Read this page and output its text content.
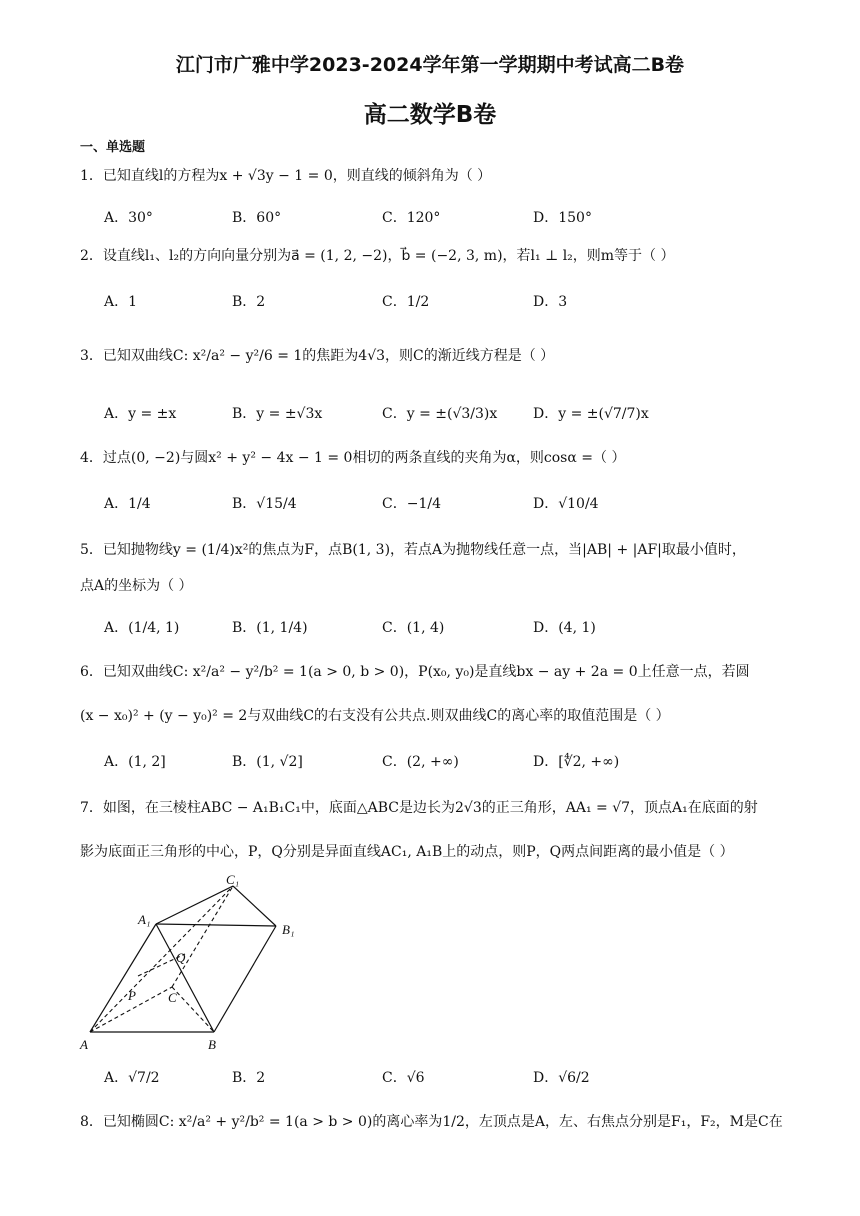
江门市广雅中学2023-2024学年第一学期期中考试高二B卷
高二数学B卷
一、单选题
1．已知直线l的方程为x + √3y − 1 = 0，则直线的倾斜角为（ ）
A．30°	B．60°	C．120°	D．150°
2．设直线l₁、l₂的方向向量分别为a⃗ = (1, 2, −2)，b⃗ = (−2, 3, m)，若l₁ ⊥ l₂，则m等于（ ）
A．1	B．2	C．1/2	D．3
3．已知双曲线C: x²/a² − y²/6 = 1的焦距为4√3，则C的渐近线方程是（ ）
A．y = ±x	B．y = ±√3x	C．y = ±(√3/3)x	D．y = ±(√7/7)x
4．过点(0, −2)与圆x² + y² − 4x − 1 = 0相切的两条直线的夹角为α，则cosα =（ ）
A．1/4	B．√15/4	C．−1/4	D．√10/4
5．已知抛物线y = (1/4)x²的焦点为F，点B(1, 3)，若点A为抛物线任意一点，当|AB| + |AF|取最小值时，
点A的坐标为（ ）
A．(1/4, 1)	B．(1, 1/4)	C．(1, 4)	D．(4, 1)
6．已知双曲线C: x²/a² − y²/b² = 1(a > 0, b > 0)，P(x₀, y₀)是直线bx − ay + 2a = 0上任意一点，若圆
(x − x₀)² + (y − y₀)² = 2与双曲线C的右支没有公共点.则双曲线C的离心率的取值范围是（ ）
A．(1, 2]	B．(1, √2]	C．(2, +∞)	D．[∜2, +∞)
7．如图，在三棱柱ABC − A₁B₁C₁中，底面△ABC是边长为2√3的正三角形，AA₁ = √7，顶点A₁在底面的射
影为底面正三角形的中心，P，Q分别是异面直线AC₁, A₁B上的动点，则P，Q两点间距离的最小值是（ ）
A	B
C
A₁
B₁
C₁
P
Q
A．√7/2	B．2	C．√6	D．√6/2
8．已知椭圆C: x²/a² + y²/b² = 1(a > b > 0)的离心率为1/2，左顶点是A，左、右焦点分别是F₁，F₂，M是C在
